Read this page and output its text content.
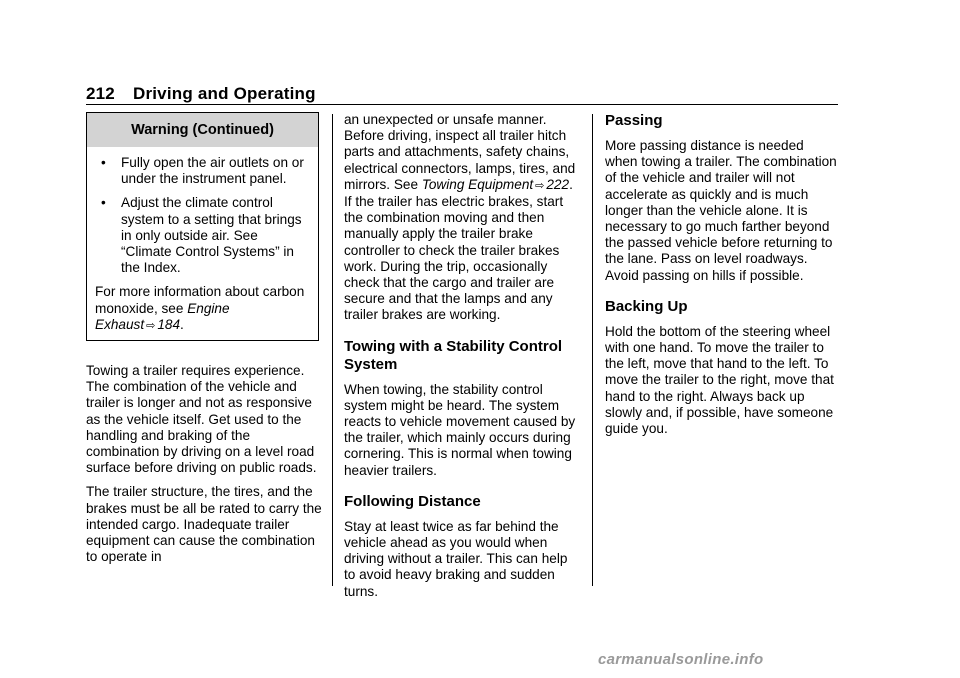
212 Driving and Operating
Warning (Continued)
• Fully open the air outlets on or under the instrument panel.
• Adjust the climate control system to a setting that brings in only outside air. See “Climate Control Systems” in the Index.

For more information about carbon monoxide, see Engine Exhaust ⇨ 184.

Towing a trailer requires experience. The combination of the vehicle and trailer is longer and not as responsive as the vehicle itself. Get used to the handling and braking of the combination by driving on a level road surface before driving on public roads.

The trailer structure, the tires, and the brakes must be all be rated to carry the intended cargo. Inadequate trailer equipment can cause the combination to operate in

an unexpected or unsafe manner. Before driving, inspect all trailer hitch parts and attachments, safety chains, electrical connectors, lamps, tires, and mirrors. See Towing Equipment ⇨ 222. If the trailer has electric brakes, start the combination moving and then manually apply the trailer brake controller to check the trailer brakes work. During the trip, occasionally check that the cargo and trailer are secure and that the lamps and any trailer brakes are working.

Towing with a Stability Control System

When towing, the stability control system might be heard. The system reacts to vehicle movement caused by the trailer, which mainly occurs during cornering. This is normal when towing heavier trailers.

Following Distance

Stay at least twice as far behind the vehicle ahead as you would when driving without a trailer. This can help to avoid heavy braking and sudden turns.

Passing

More passing distance is needed when towing a trailer. The combination of the vehicle and trailer will not accelerate as quickly and is much longer than the vehicle alone. It is necessary to go much farther beyond the passed vehicle before returning to the lane. Pass on level roadways. Avoid passing on hills if possible.

Backing Up

Hold the bottom of the steering wheel with one hand. To move the trailer to the left, move that hand to the left. To move the trailer to the right, move that hand to the right. Always back up slowly and, if possible, have someone guide you.

carmanualsonline.info
